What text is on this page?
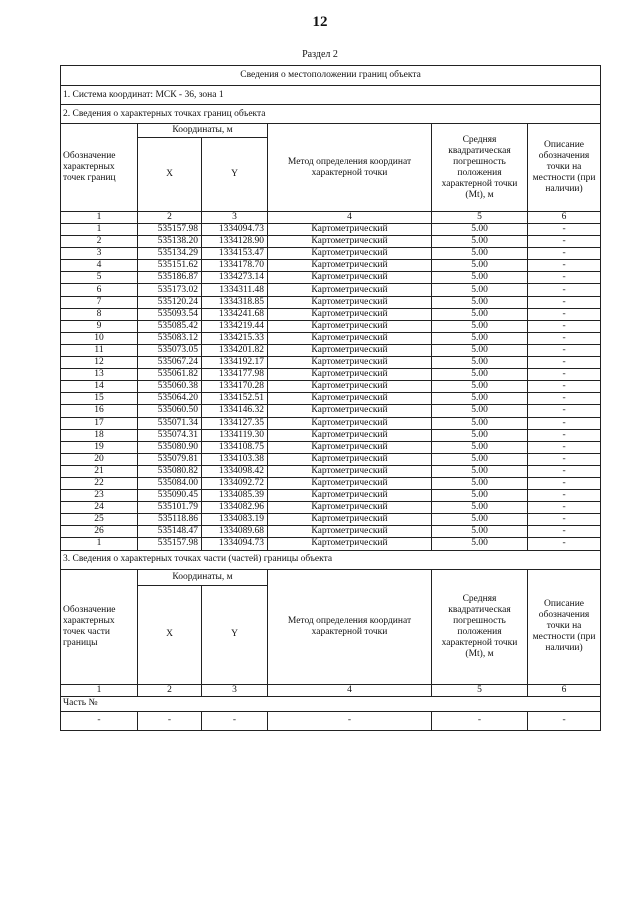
12
Раздел 2
Сведения о местоположении границ объекта					
1. Система координат: МСК - 36, зона 1					
2. Сведения о характерных точках границ объекта					
Обозначение характерных точек границ	Координаты, м		Метод определения координат характерной точки	Средняя квадратическая погрешность положения характерной точки (Mt), м	Описание обозначения точки на местности (при наличии)
	X	Y			
1	2	3	4	5	6
1	535157.98	1334094.73	Картометрический	5.00	-
2	535138.20	1334128.90	Картометрический	5.00	-
3	535134.29	1334153.47	Картометрический	5.00	-
4	535151.62	1334178.70	Картометрический	5.00	-
5	535186.87	1334273.14	Картометрический	5.00	-
6	535173.02	1334311.48	Картометрический	5.00	-
7	535120.24	1334318.85	Картометрический	5.00	-
8	535093.54	1334241.68	Картометрический	5.00	-
9	535085.42	1334219.44	Картометрический	5.00	-
10	535083.12	1334215.33	Картометрический	5.00	-
11	535073.05	1334201.82	Картометрический	5.00	-
12	535067.24	1334192.17	Картометрический	5.00	-
13	535061.82	1334177.98	Картометрический	5.00	-
14	535060.38	1334170.28	Картометрический	5.00	-
15	535064.20	1334152.51	Картометрический	5.00	-
16	535060.50	1334146.32	Картометрический	5.00	-
17	535071.34	1334127.35	Картометрический	5.00	-
18	535074.31	1334119.30	Картометрический	5.00	-
19	535080.90	1334108.75	Картометрический	5.00	-
20	535079.81	1334103.38	Картометрический	5.00	-
21	535080.82	1334098.42	Картометрический	5.00	-
22	535084.00	1334092.72	Картометрический	5.00	-
23	535090.45	1334085.39	Картометрический	5.00	-
24	535101.79	1334082.96	Картометрический	5.00	-
25	535118.86	1334083.19	Картометрический	5.00	-
26	535148.47	1334089.68	Картометрический	5.00	-
1	535157.98	1334094.73	Картометрический	5.00	-
3. Сведения о характерных точках части (частей) границы объекта					
Обозначение характерных точек части границы	Координаты, м		Метод определения координат характерной точки	Средняя квадратическая погрешность положения характерной точки (Mt), м	Описание обозначения точки на местности (при наличии)
	X	Y			
1	2	3	4	5	6
Часть №					
-	-	-	-	-	-
